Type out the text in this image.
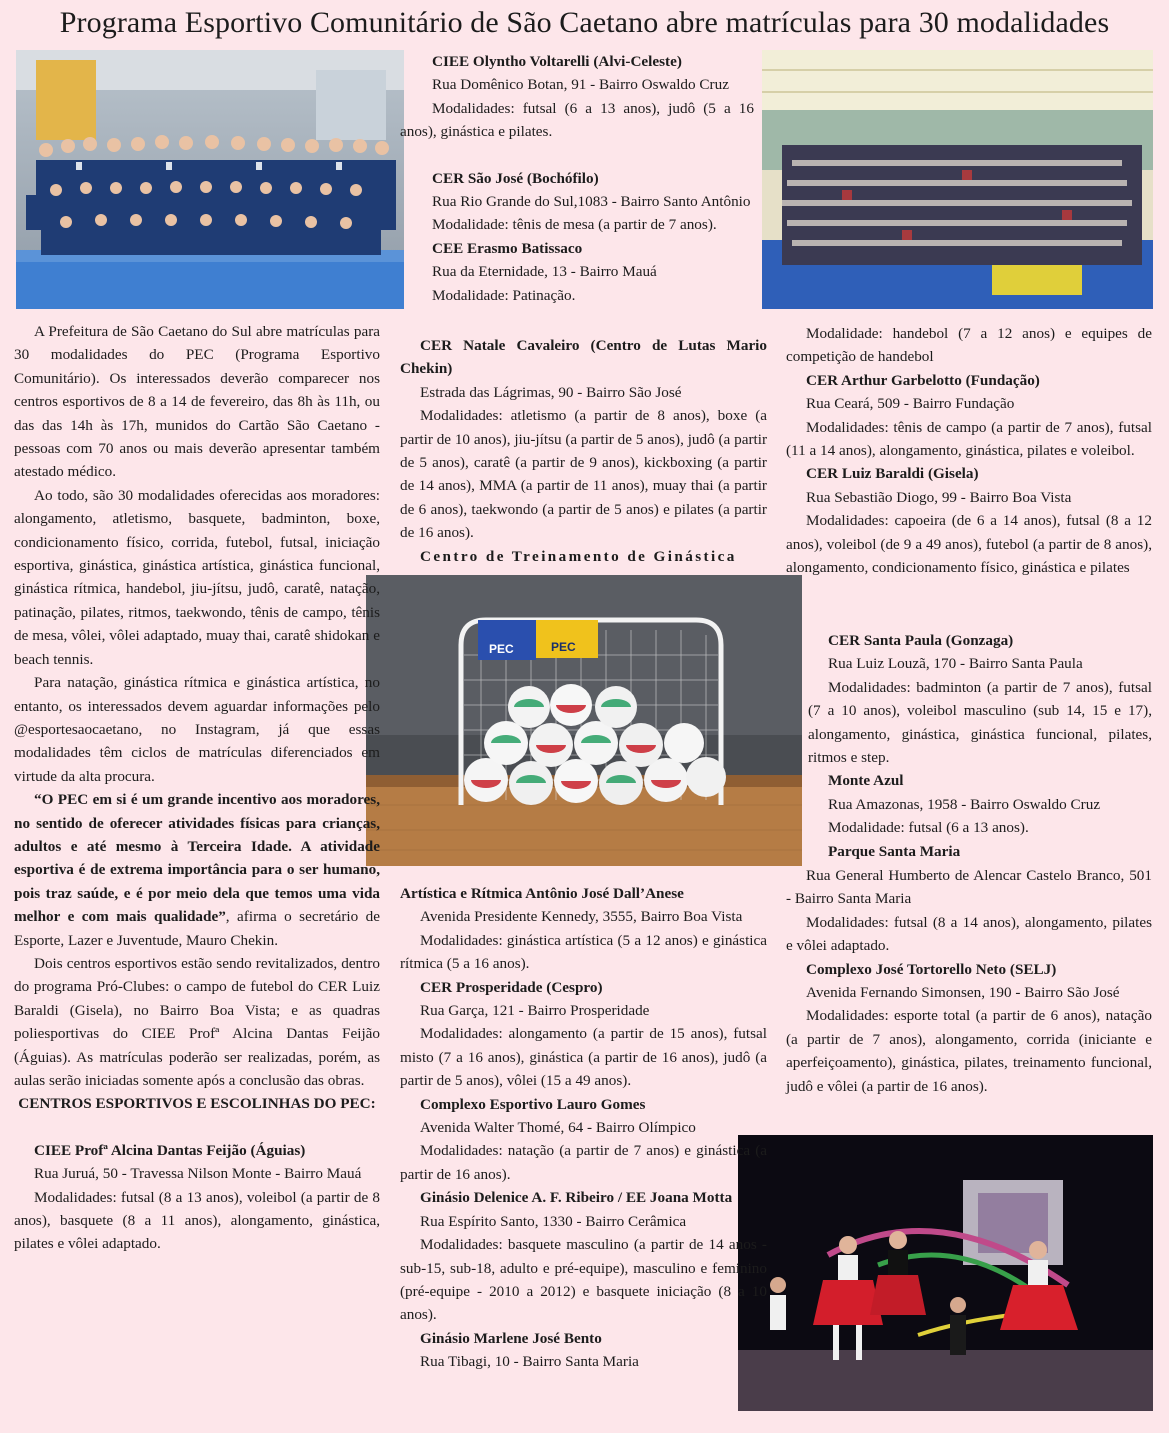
Programa Esportivo Comunitário de São Caetano abre matrículas para 30 modalidades
PEC	PEC

A Prefeitura de São Caetano do Sul abre matrículas para 30 modalidades do PEC (Programa Esportivo Comunitário). Os interessados deverão comparecer nos centros esportivos de 8 a 14 de fevereiro, das 8h às 11h, ou das das 14h às 17h, munidos do Cartão São Caetano - pessoas com 70 anos ou mais deverão apresentar também atestado médico.

Ao todo, são 30 modalidades oferecidas aos moradores: alongamento, atletismo, basquete, badminton, boxe, condicionamento físico, corrida, futebol, futsal, iniciação esportiva, ginástica, ginástica artística, ginástica funcional, ginástica rítmica, handebol, jiu-jítsu, judô, caratê, natação, patinação, pilates, ritmos, taekwondo, tênis de campo, tênis de mesa, vôlei, vôlei adaptado, muay thai, caratê shidokan e beach tennis.

Para natação, ginástica rítmica e ginástica artística, no entanto, os interessados devem aguardar informações pelo @esportesaocaetano, no Instagram, já que essas modalidades têm ciclos de matrículas diferenciados em virtude da alta procura.

“O PEC em si é um grande incentivo aos moradores, no sentido de oferecer atividades físicas para crianças, adultos e até mesmo à Terceira Idade. A atividade esportiva é de extrema importância para o ser humano, pois traz saúde, e é por meio dela que temos uma vida melhor e com mais qualidade”, afirma o secretário de Esporte, Lazer e Juventude, Mauro Chekin.

Dois centros esportivos estão sendo revitalizados, dentro do programa Pró-Clubes: o campo de futebol do CER Luiz Baraldi (Gisela), no Bairro Boa Vista; e as quadras poliesportivas do CIEE Profª Alcina Dantas Feijão (Águias). As matrículas poderão ser realizadas, porém, as aulas serão iniciadas somente após a conclusão das obras.

CENTROS ESPORTIVOS E ESCOLINHAS DO PEC:
CIEE Profª Alcina Dantas Feijão (Águias)

Rua Juruá, 50 - Travessa Nilson Monte - Bairro Mauá

Modalidades: futsal (8 a 13 anos), voleibol (a partir de 8 anos), basquete (8 a 11 anos), alongamento, ginástica, pilates e vôlei adaptado.

CIEE Olyntho Voltarelli (Alvi-Celeste)

Rua Domênico Botan, 91 - Bairro Oswaldo Cruz

Modalidades: futsal (6 a 13 anos), judô (5 a 16 anos), ginástica e pilates.

CER São José (Bochófilo)

Rua Rio Grande do Sul,1083 - Bairro Santo Antônio

Modalidade: tênis de mesa (a partir de 7 anos).

CEE Erasmo Batissaco

Rua da Eternidade, 13 - Bairro Mauá

Modalidade: Patinação.

CER Natale Cavaleiro (Centro de Lutas Mario Chekin)

Estrada das Lágrimas, 90 - Bairro São José

Modalidades: atletismo (a partir de 8 anos), boxe (a partir de 10 anos), jiu-jítsu (a partir de 5 anos), judô (a partir de 5 anos), caratê (a partir de 9 anos), kickboxing (a partir de 14 anos), MMA (a partir de 11 anos), muay thai (a partir de 6 anos), taekwondo (a partir de 5 anos) e pilates (a partir de 16 anos).

Centro de Treinamento de Ginástica
Artística e Rítmica Antônio José Dall’Anese

Avenida Presidente Kennedy, 3555, Bairro Boa Vista

Modalidades: ginástica artística (5 a 12 anos) e ginástica rítmica (5 a 16 anos).

CER Prosperidade (Cespro)

Rua Garça, 121 - Bairro Prosperidade

Modalidades: alongamento (a partir de 15 anos), futsal misto (7 a 16 anos), ginástica (a partir de 16 anos), judô (a partir de 5 anos), vôlei (15 a 49 anos).

Complexo Esportivo Lauro Gomes

Avenida Walter Thomé, 64 - Bairro Olímpico

Modalidades: natação (a partir de 7 anos) e ginástica (a partir de 16 anos).

Ginásio Delenice A. F. Ribeiro / EE Joana Motta

Rua Espírito Santo, 1330 - Bairro Cerâmica

Modalidades: basquete masculino (a partir de 14 anos - sub-15, sub-18, adulto e pré-equipe), masculino e feminino (pré-equipe - 2010 a 2012) e basquete iniciação (8 a 10 anos).

Ginásio Marlene José Bento

Rua Tibagi, 10 - Bairro Santa Maria

Modalidade: handebol (7 a 12 anos) e equipes de competição de handebol

CER Arthur Garbelotto (Fundação)

Rua Ceará, 509 - Bairro Fundação

Modalidades: tênis de campo (a partir de 7 anos), futsal (11 a 14 anos), alongamento, ginástica, pilates e voleibol.

CER Luiz Baraldi (Gisela)

Rua Sebastião Diogo, 99 - Bairro Boa Vista

Modalidades: capoeira (de 6 a 14 anos), futsal (8 a 12 anos), voleibol (de 9 a 49 anos), futebol (a partir de 8 anos), alongamento, condicionamento físico, ginástica e pilates

CER Santa Paula (Gonzaga)

Rua Luiz Louzã, 170 - Bairro Santa Paula

Modalidades: badminton (a partir de 7 anos), futsal (7 a 10 anos), voleibol masculino (sub 14, 15 e 17), alongamento, ginástica, ginástica funcional, pilates, ritmos e step.

Monte Azul

Rua Amazonas, 1958 - Bairro Oswaldo Cruz

Modalidade: futsal (6 a 13 anos).

Parque Santa Maria

Rua General Humberto de Alencar Castelo Branco, 501 - Bairro Santa Maria

Modalidades: futsal (8 a 14 anos), alongamento, pilates e vôlei adaptado.

Complexo José Tortorello Neto (SELJ)

Avenida Fernando Simonsen, 190 - Bairro São José

Modalidades: esporte total (a partir de 6 anos), natação (a partir de 7 anos), alongamento, corrida (iniciante e aperfeiçoamento), ginástica, pilates, treinamento funcional, judô e vôlei (a partir de 16 anos).
